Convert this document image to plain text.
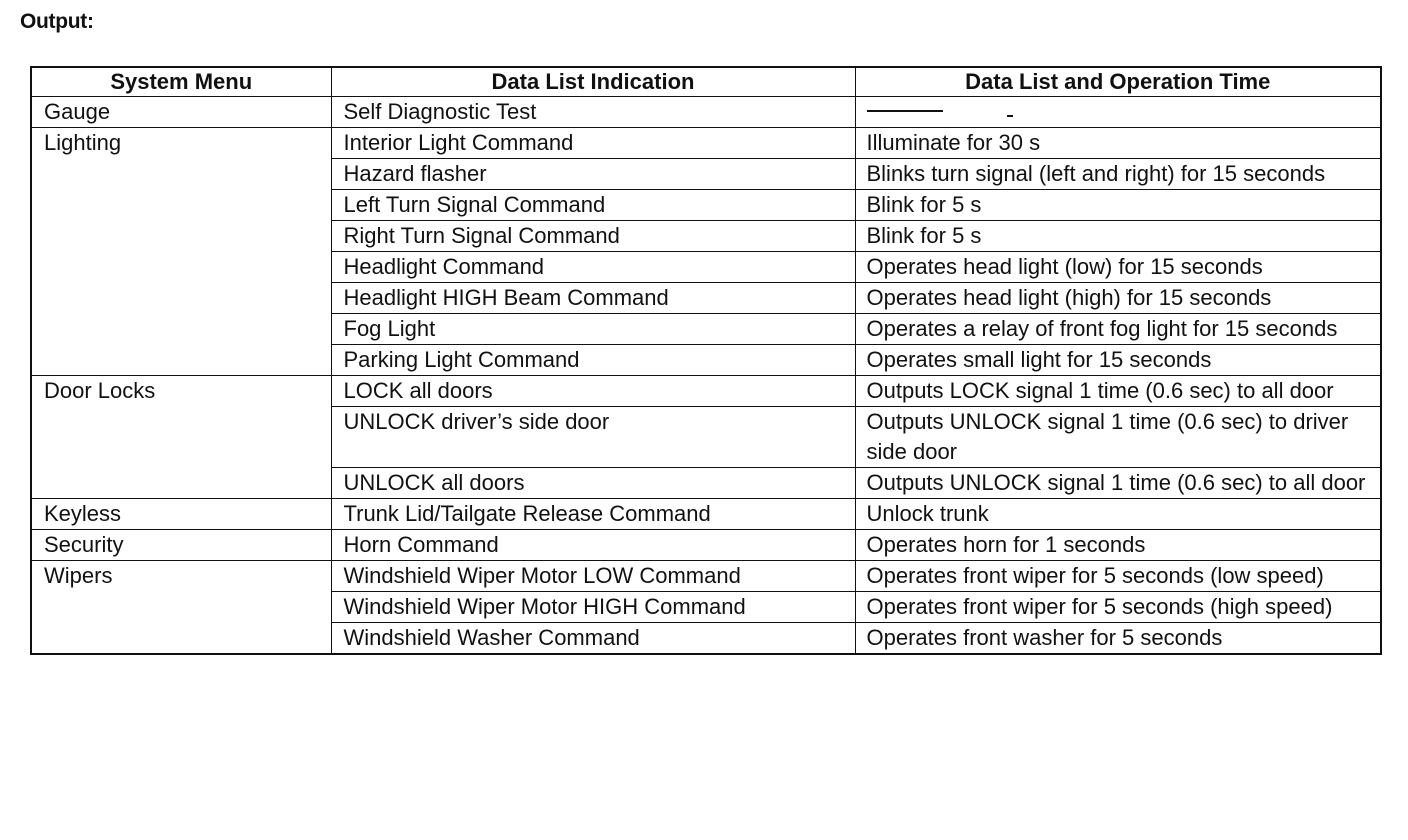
Output:
System Menu	Data List Indication	Data List and Operation Time
Gauge	Self Diagnostic Test	
Lighting	Interior Light Command	Illuminate for 30 s
	Hazard flasher	Blinks turn signal (left and right) for 15 seconds
	Left Turn Signal Command	Blink for 5 s
	Right Turn Signal Command	Blink for 5 s
	Headlight Command	Operates head light (low) for 15 seconds
	Headlight HIGH Beam Command	Operates head light (high) for 15 seconds
	Fog Light	Operates a relay of front fog light for 15 seconds
	Parking Light Command	Operates small light for 15 seconds
Door Locks	LOCK all doors	Outputs LOCK signal 1 time (0.6 sec) to all door
	UNLOCK driver’s side door	Outputs UNLOCK signal 1 time (0.6 sec) to driver side door
	UNLOCK all doors	Outputs UNLOCK signal 1 time (0.6 sec) to all door
Keyless	Trunk Lid/Tailgate Release Command	Unlock trunk
Security	Horn Command	Operates horn for 1 seconds
Wipers	Windshield Wiper Motor LOW Command	Operates front wiper for 5 seconds (low speed)
	Windshield Wiper Motor HIGH Command	Operates front wiper for 5 seconds (high speed)
	Windshield Washer Command	Operates front washer for 5 seconds
